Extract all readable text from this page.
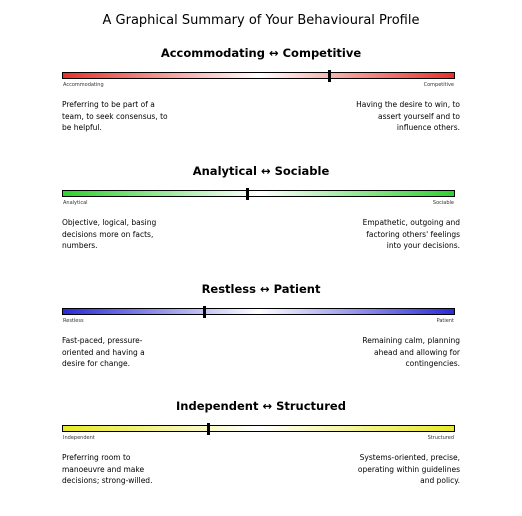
A Graphical Summary of Your Behavioural Profile
Accommodating ↔ Competitive
Accommodating	Competitive
Preferring to be part of a
team, to seek consensus, to
be helpful.
Having the desire to win, to
assert yourself and to
influence others.
Analytical ↔ Sociable
Analytical	Sociable
Objective, logical, basing
decisions more on facts,
numbers.
Empathetic, outgoing and
factoring others' feelings
into your decisions.
Restless ↔ Patient
Restless	Patient
Fast-paced, pressure-
oriented and having a
desire for change.
Remaining calm, planning
ahead and allowing for
contingencies.
Independent ↔ Structured
Independent	Structured
Preferring room to
manoeuvre and make
decisions; strong-willed.
Systems-oriented, precise,
operating within guidelines
and policy.
